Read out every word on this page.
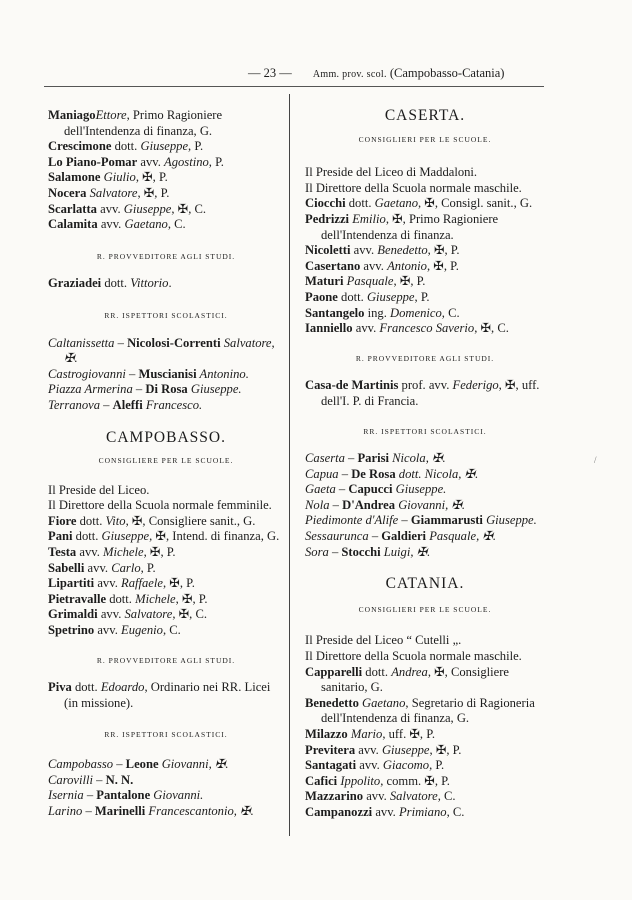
— 23 — Amm. prov. scol. (Campobasso-Catania)

ManiagoEttore, Primo Ragioniere dell'Intendenza di finanza, G.

Crescimone dott. Giuseppe, P.

Lo Piano-Pomar avv. Agostino, P.

Salamone Giulio, ✠, P.

Nocera Salvatore, ✠, P.

Scarlatta avv. Giuseppe, ✠, C.

Calamita avv. Gaetano, C.

R. PROVVEDITORE AGLI STUDI.

Graziadei dott. Vittorio.

RR. ISPETTORI SCOLASTICI.

Caltanissetta – Nicolosi-Correnti Salvatore, ✠.

Castrogiovanni – Muscianisi Antonino.

Piazza Armerina – Di Rosa Giuseppe.

Terranova – Aleffi Francesco.

CAMPOBASSO.

CONSIGLIERE PER LE SCUOLE.

Il Preside del Liceo.

Il Direttore della Scuola normale femminile.

Fiore dott. Vito, ✠, Consigliere sanit., G.

Pani dott. Giuseppe, ✠, Intend. di finanza, G.

Testa avv. Michele, ✠, P.

Sabelli avv. Carlo, P.

Lipartiti avv. Raffaele, ✠, P.

Pietravalle dott. Michele, ✠, P.

Grimaldi avv. Salvatore, ✠, C.

Spetrino avv. Eugenio, C.

R. PROVVEDITORE AGLI STUDI.

Piva dott. Edoardo, Ordinario nei RR. Licei (in missione).

RR. ISPETTORI SCOLASTICI.

Campobasso – Leone Giovanni, ✠.

Carovilli – N. N.

Isernia – Pantalone Giovanni.

Larino – Marinelli Francescantonio, ✠.

CASERTA.

CONSIGLIERI PER LE SCUOLE.

Il Preside del Liceo di Maddaloni.

Il Direttore della Scuola normale maschile.

Ciocchi dott. Gaetano, ✠, Consigl. sanit., G.

Pedrizzi Emilio, ✠, Primo Ragioniere dell'Intendenza di finanza.

Nicoletti avv. Benedetto, ✠, P.

Casertano avv. Antonio, ✠, P.

Maturi Pasquale, ✠, P.

Paone dott. Giuseppe, P.

Santangelo ing. Domenico, C.

Ianniello avv. Francesco Saverio, ✠, C.

R. PROVVEDITORE AGLI STUDI.

Casa-de Martinis prof. avv. Federigo, ✠, uff. dell'I. P. di Francia.

RR. ISPETTORI SCOLASTICI.

Caserta – Parisi Nicola, ✠.

Capua – De Rosa dott. Nicola, ✠.

Gaeta – Capucci Giuseppe.

Nola – D'Andrea Giovanni, ✠.

Piedimonte d'Alife – Giammarusti Giuseppe.

Sessaurunca – Galdieri Pasquale, ✠.

Sora – Stocchi Luigi, ✠.

CATANIA.

CONSIGLIERI PER LE SCUOLE.

Il Preside del Liceo “ Cutelli „.

Il Direttore della Scuola normale maschile.

Capparelli dott. Andrea, ✠, Consigliere sanitario, G.

Benedetto Gaetano, Segretario di Ragioneria dell'Intendenza di finanza, G.

Milazzo Mario, uff. ✠, P.

Previtera avv. Giuseppe, ✠, P.

Santagati avv. Giacomo, P.

Cafici Ippolito, comm. ✠, P.

Mazzarino avv. Salvatore, C.

Campanozzi avv. Primiano, C.

/
